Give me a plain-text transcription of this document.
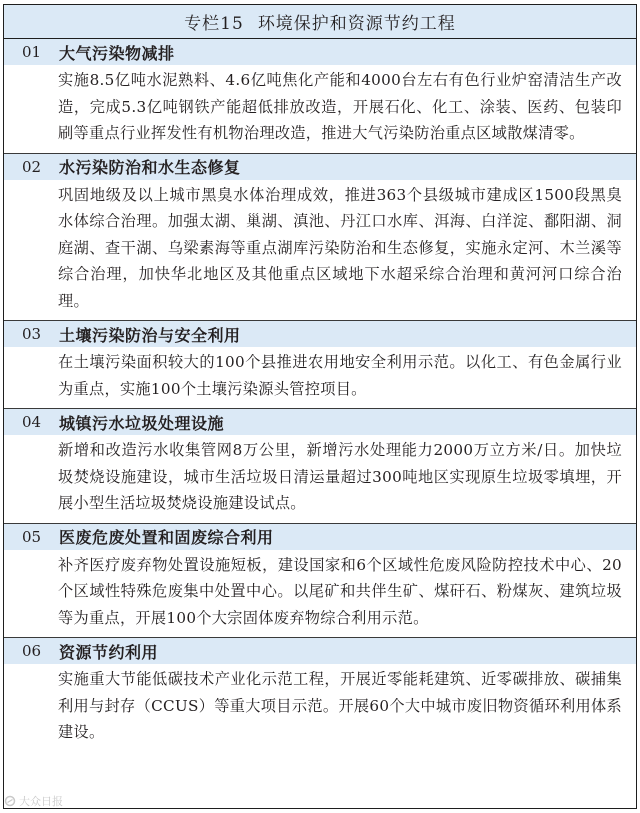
专栏15 环境保护和资源节约工程
01	大气污染物减排
实施8.5亿吨水泥熟料、4.6亿吨焦化产能和4000台左右有色行业炉窑清洁生产改造，完成5.3亿吨钢铁产能超低排放改造，开展石化、化工、涂装、医药、包装印刷等重点行业挥发性有机物治理改造，推进大气污染防治重点区域散煤清零。
02	水污染防治和水生态修复
巩固地级及以上城市黑臭水体治理成效，推进363个县级城市建成区1500段黑臭水体综合治理。加强太湖、巢湖、滇池、丹江口水库、洱海、白洋淀、鄱阳湖、洞庭湖、查干湖、乌梁素海等重点湖库污染防治和生态修复，实施永定河、木兰溪等综合治理，加快华北地区及其他重点区域地下水超采综合治理和黄河河口综合治理。
03	土壤污染防治与安全利用
在土壤污染面积较大的100个县推进农用地安全利用示范。以化工、有色金属行业为重点，实施100个土壤污染源头管控项目。
04	城镇污水垃圾处理设施
新增和改造污水收集管网8万公里，新增污水处理能力2000万立方米/日。加快垃圾焚烧设施建设，城市生活垃圾日清运量超过300吨地区实现原生垃圾零填埋，开展小型生活垃圾焚烧设施建设试点。
05	医废危废处置和固废综合利用
补齐医疗废弃物处置设施短板，建设国家和6个区域性危废风险防控技术中心、20个区域性特殊危废集中处置中心。以尾矿和共伴生矿、煤矸石、粉煤灰、建筑垃圾等为重点，开展100个大宗固体废弃物综合利用示范。
06	资源节约利用
实施重大节能低碳技术产业化示范工程，开展近零能耗建筑、近零碳排放、碳捕集利用与封存（CCUS）等重大项目示范。开展60个大中城市废旧物资循环利用体系建设。
大众日报
